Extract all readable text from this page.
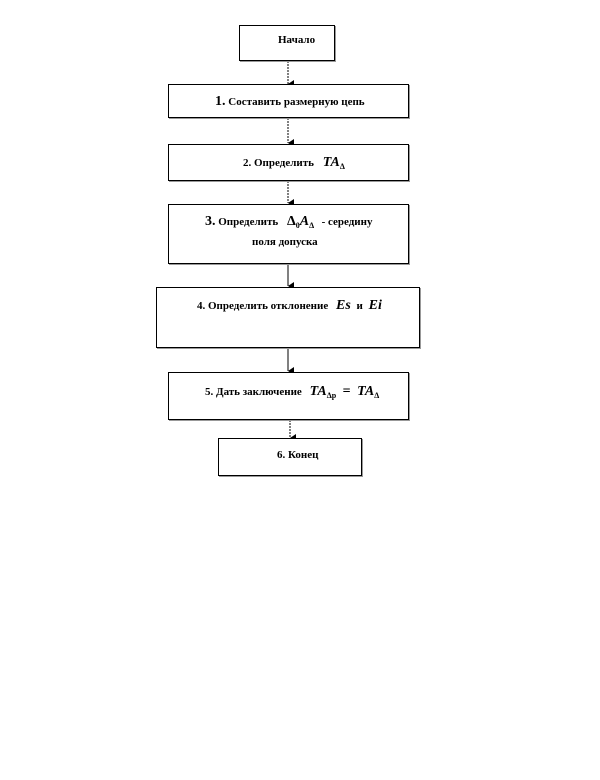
Начало
1. Составить размерную цепь
2. Определить $TA_\Delta$
3. Определить $\Delta_0A_\Delta$ - середину
поля допуска
4. Определить отклонение Es и Ei
5. Дать заключение $TA_{\Delta р} = TA_\Delta$
6. Конец
